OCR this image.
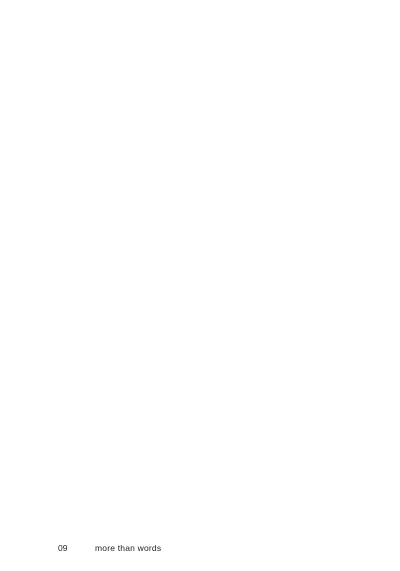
09	more than words
